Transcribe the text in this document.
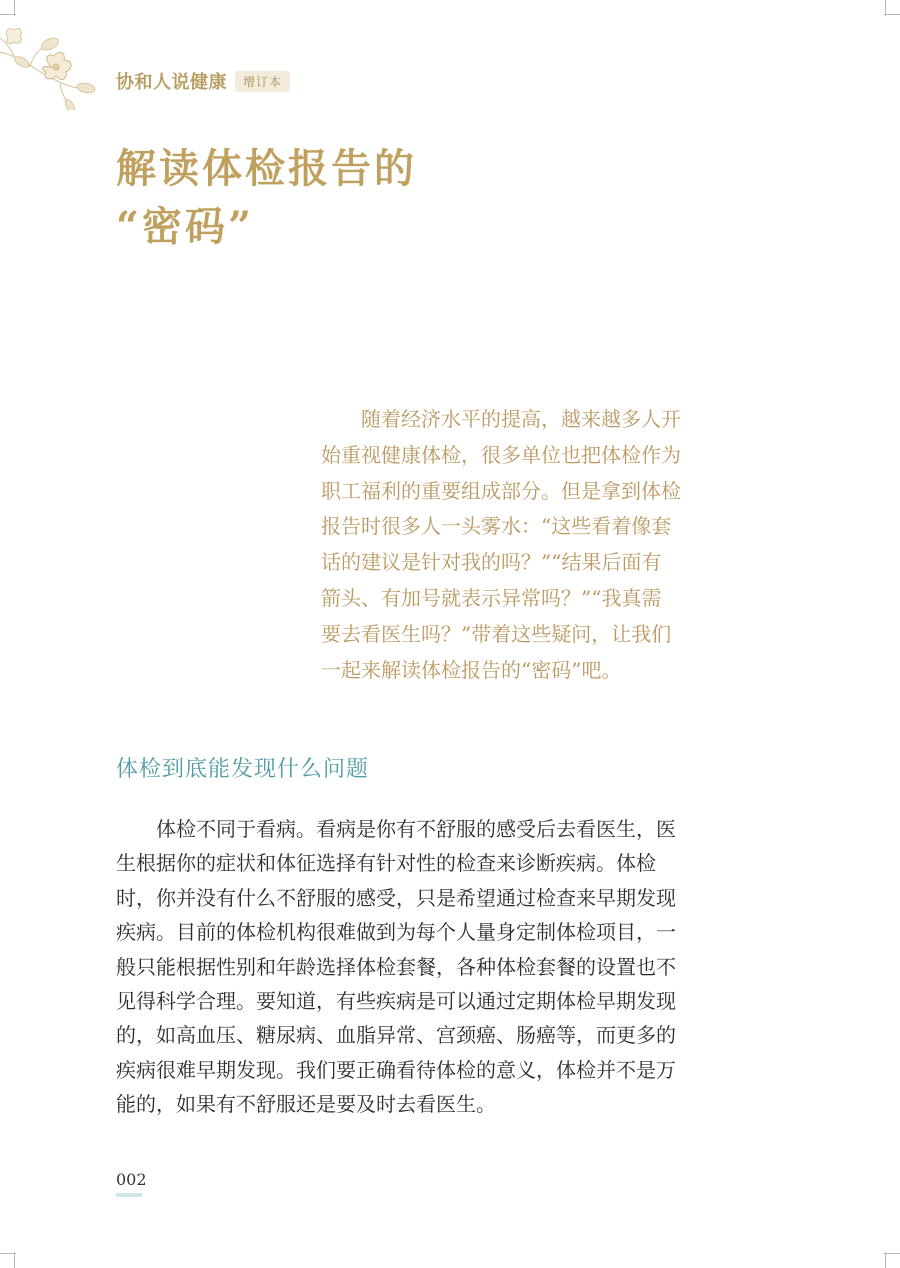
协和人说健康	增订本
解读体检报告的
“密码”
　　随着经济水平的提高，越来越多人开
始重视健康体检，很多单位也把体检作为
职工福利的重要组成部分。但是拿到体检
报告时很多人一头雾水：“这些看着像套
话的建议是针对我的吗？”“结果后面有
箭头、有加号就表示异常吗？”“我真需
要去看医生吗？”带着这些疑问，让我们
一起来解读体检报告的“密码”吧。
体检到底能发现什么问题
　　体检不同于看病。看病是你有不舒服的感受后去看医生，医
生根据你的症状和体征选择有针对性的检查来诊断疾病。体检
时，你并没有什么不舒服的感受，只是希望通过检查来早期发现
疾病。目前的体检机构很难做到为每个人量身定制体检项目，一
般只能根据性别和年龄选择体检套餐，各种体检套餐的设置也不
见得科学合理。要知道，有些疾病是可以通过定期体检早期发现
的，如高血压、糖尿病、血脂异常、宫颈癌、肠癌等，而更多的
疾病很难早期发现。我们要正确看待体检的意义，体检并不是万
能的，如果有不舒服还是要及时去看医生。
002
